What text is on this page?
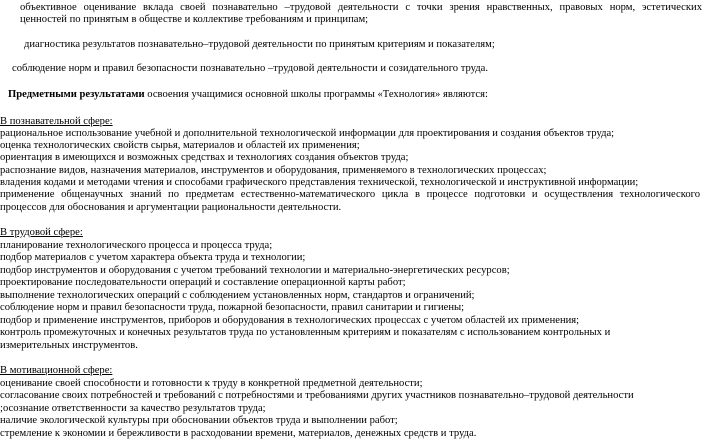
объективное оценивание вклада своей познавательно –трудовой деятельности с точки зрения нравственных, правовых норм, эстетических
ценностей по принятым в обществе и коллективе требованиям и принципам;
диагностика результатов познавательно–трудовой деятельности по принятым критериям и показателям;
соблюдение норм и правил безопасности познавательно –трудовой деятельности и созидательного труда.
Предметными результатами освоения учащимися основной школы программы «Технология» являются:
В познавательной сфере:
рациональное использование учебной и дополнительной технологической информации для проектирования и создания объектов труда;
оценка технологических свойств сырья, материалов и областей их применения;
ориентация в имеющихся и возможных средствах и технологиях создания объектов труда;
распознание видов, назначения материалов, инструментов и оборудования, применяемого в технологических процессах;
владения кодами и методами чтения и способами графического представления технической, технологической и инструктивной информации;
применение общенаучных знаний по предметам естественно-математического цикла в процессе подготовки и осуществления технологического
процессов для обоснования и аргументации рациональности деятельности.
В трудовой сфере:
планирование технологического процесса и процесса труда;
подбор материалов с учетом характера объекта труда и технологии;
подбор инструментов и оборудования с учетом требований технологии и материально-энергетических ресурсов;
проектирование последовательности операций и составление операционной карты работ;
выполнение технологических операций с соблюдением установленных норм, стандартов и ограничений;
соблюдение норм и правил безопасности труда, пожарной безопасности, правил санитарии и гигиены;
подбор и применение инструментов, приборов и оборудования в технологических процессах с учетом областей их применения;
контроль промежуточных и конечных результатов труда по установленным критериям и показателям с использованием контрольных и
измерительных инструментов.
В мотивационной сфере:
оценивание своей способности и готовности к труду в конкретной предметной деятельности;
согласование своих потребностей и требований с потребностями и требованиями других участников познавательно–трудовой деятельности
;осознание ответственности за качество результатов труда;
наличие экологической культуры при обосновании объектов труда и выполнении работ;
стремление к экономии и бережливости в расходовании времени, материалов, денежных средств и труда.
